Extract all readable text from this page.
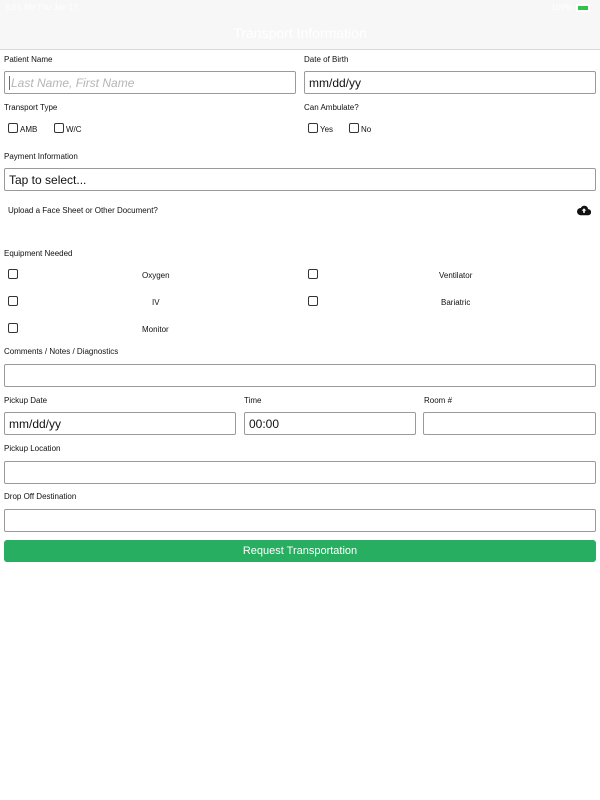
5:51 AM Thu Jan 17	100%
Transport Information
Patient Name
Last Name, First Name
Date of Birth
mm/dd/yy
Transport Type
AMB	W/C
Can Ambulate?
Yes	No
Payment Information
Tap to select...
Upload a Face Sheet or Other Document?
Equipment Needed
Oxygen	Ventilator
IV	Bariatric
Monitor
Comments / Notes / Diagnostics
Pickup Date
mm/dd/yy
Time
00:00
Room #
Pickup Location
Drop Off Destination
Request Transportation
